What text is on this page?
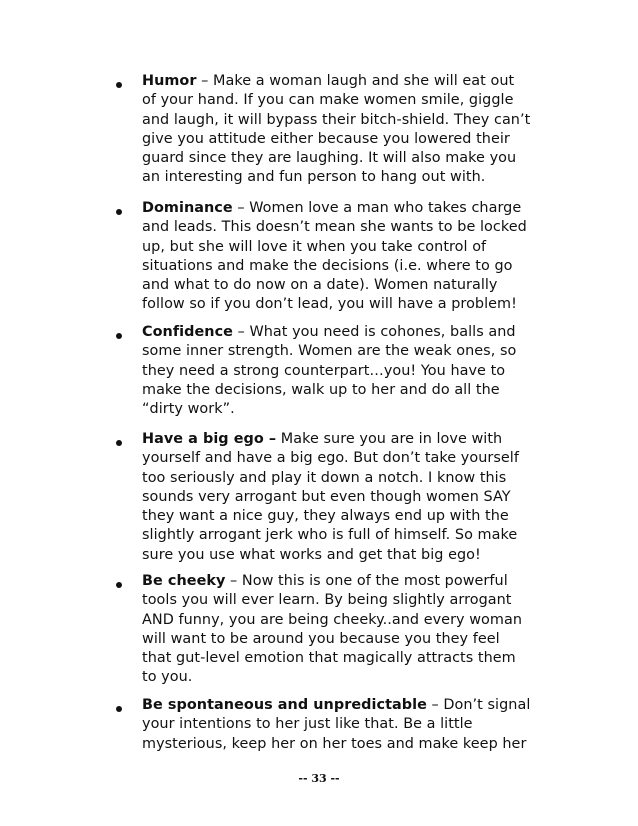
Humor – Make a woman laugh and she will eat out
of your hand. If you can make women smile, giggle
and laugh, it will bypass their bitch-shield. They can’t
give you attitude either because you lowered their
guard since they are laughing. It will also make you
an interesting and fun person to hang out with.
Dominance – Women love a man who takes charge
and leads. This doesn’t mean she wants to be locked
up, but she will love it when you take control of
situations and make the decisions (i.e. where to go
and what to do now on a date). Women naturally
follow so if you don’t lead, you will have a problem!
Confidence – What you need is cohones, balls and
some inner strength. Women are the weak ones, so
they need a strong counterpart…you! You have to
make the decisions, walk up to her and do all the
“dirty work”.
Have a big ego – Make sure you are in love with
yourself and have a big ego. But don’t take yourself
too seriously and play it down a notch. I know this
sounds very arrogant but even though women SAY
they want a nice guy, they always end up with the
slightly arrogant jerk who is full of himself. So make
sure you use what works and get that big ego!
Be cheeky – Now this is one of the most powerful
tools you will ever learn. By being slightly arrogant
AND funny, you are being cheeky..and every woman
will want to be around you because you they feel
that gut-level emotion that magically attracts them
to you.
Be spontaneous and unpredictable – Don’t signal
your intentions to her just like that. Be a little
mysterious, keep her on her toes and make keep her
-- 33 --
